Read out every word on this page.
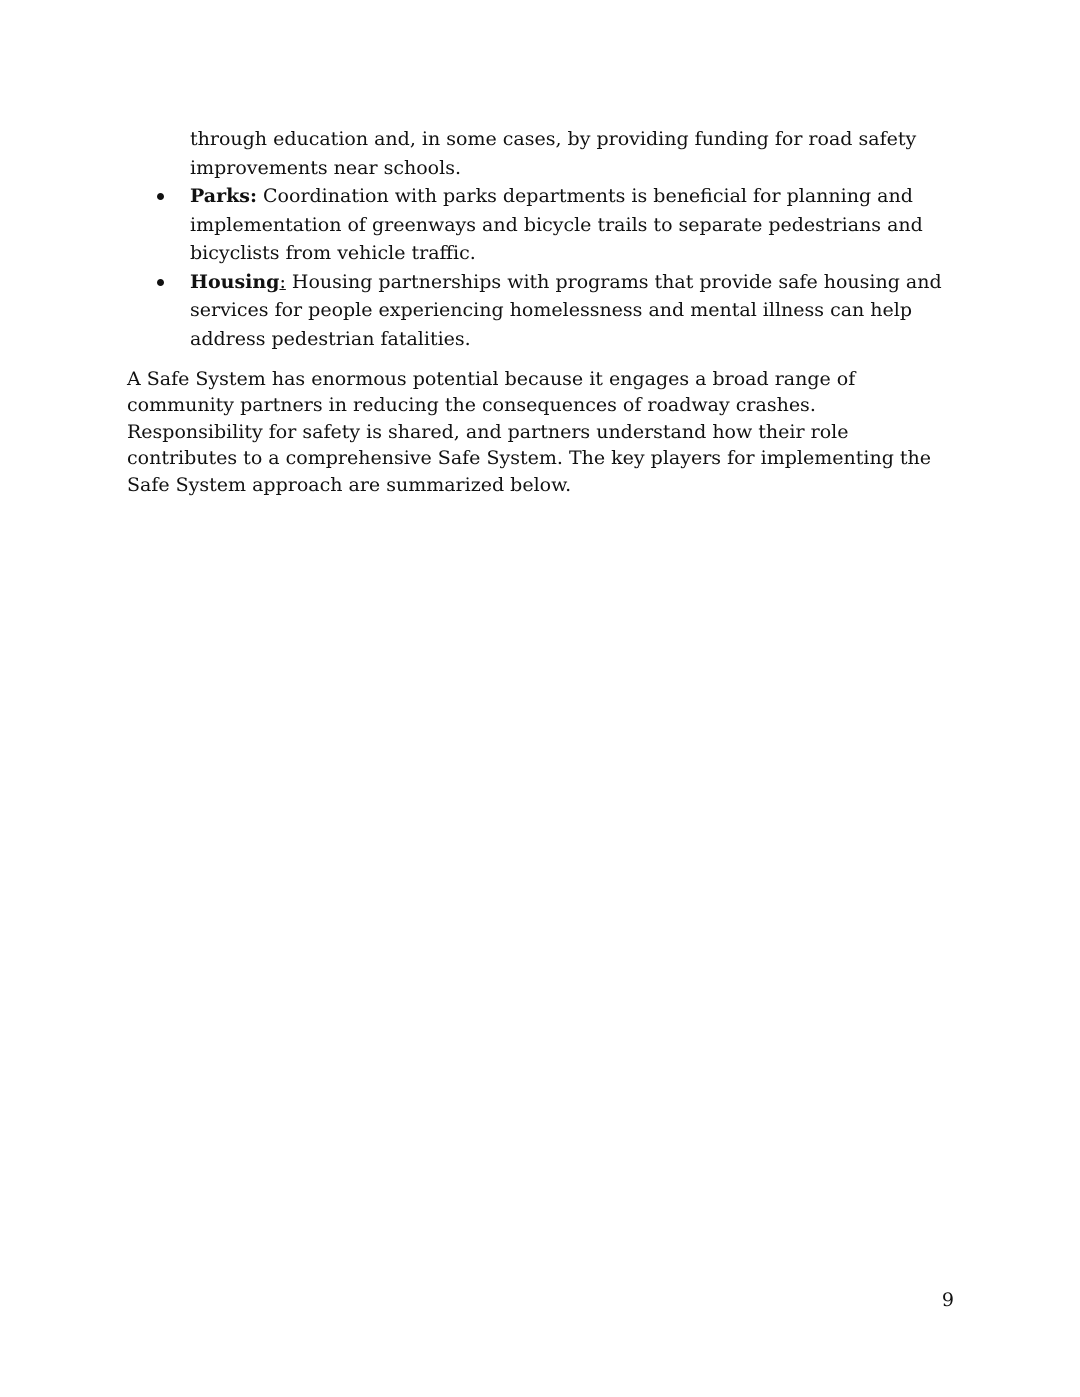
through education and, in some cases, by providing funding for road safety improvements near schools.

Parks: Coordination with parks departments is beneficial for planning and implementation of greenways and bicycle trails to separate pedestrians and bicyclists from vehicle traffic.
Housing: Housing partnerships with programs that provide safe housing and services for people experiencing homelessness and mental illness can help address pedestrian fatalities.

A Safe System has enormous potential because it engages a broad range of community partners in reducing the consequences of roadway crashes. Responsibility for safety is shared, and partners understand how their role contributes to a comprehensive Safe System. The key players for implementing the Safe System approach are summarized below.

9
